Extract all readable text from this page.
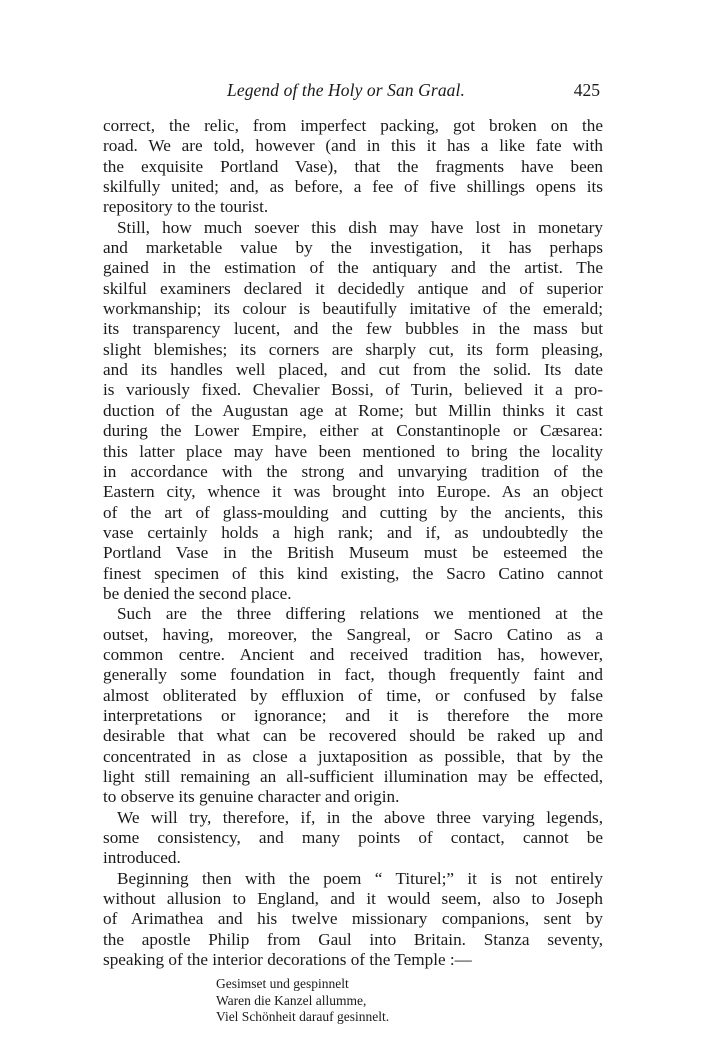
Legend of the Holy or San Graal.	425
correct, the relic, from imperfect packing, got broken on the
road. We are told, however (and in this it has a like fate with
the exquisite Portland Vase), that the fragments have been
skilfully united; and, as before, a fee of five shillings opens its
repository to the tourist.
Still, how much soever this dish may have lost in monetary
and marketable value by the investigation, it has perhaps
gained in the estimation of the antiquary and the artist. The
skilful examiners declared it decidedly antique and of superior
workmanship; its colour is beautifully imitative of the emerald;
its transparency lucent, and the few bubbles in the mass but
slight blemishes; its corners are sharply cut, its form pleasing,
and its handles well placed, and cut from the solid. Its date
is variously fixed. Chevalier Bossi, of Turin, believed it a pro-
duction of the Augustan age at Rome; but Millin thinks it cast
during the Lower Empire, either at Constantinople or Cæsarea:
this latter place may have been mentioned to bring the locality
in accordance with the strong and unvarying tradition of the
Eastern city, whence it was brought into Europe. As an object
of the art of glass-moulding and cutting by the ancients, this
vase certainly holds a high rank; and if, as undoubtedly the
Portland Vase in the British Museum must be esteemed the
finest specimen of this kind existing, the Sacro Catino cannot
be denied the second place.
Such are the three differing relations we mentioned at the
outset, having, moreover, the Sangreal, or Sacro Catino as a
common centre. Ancient and received tradition has, however,
generally some foundation in fact, though frequently faint and
almost obliterated by effluxion of time, or confused by false
interpretations or ignorance; and it is therefore the more
desirable that what can be recovered should be raked up and
concentrated in as close a juxtaposition as possible, that by the
light still remaining an all-sufficient illumination may be effected,
to observe its genuine character and origin.
We will try, therefore, if, in the above three varying legends,
some consistency, and many points of contact, cannot be
introduced.
Beginning then with the poem “ Titurel;” it is not entirely
without allusion to England, and it would seem, also to Joseph
of Arimathea and his twelve missionary companions, sent by
the apostle Philip from Gaul into Britain. Stanza seventy,
speaking of the interior decorations of the Temple :—
Gesimset und gespinnelt
Waren die Kanzel allumme,
Viel Schönheit darauf gesinnelt.
